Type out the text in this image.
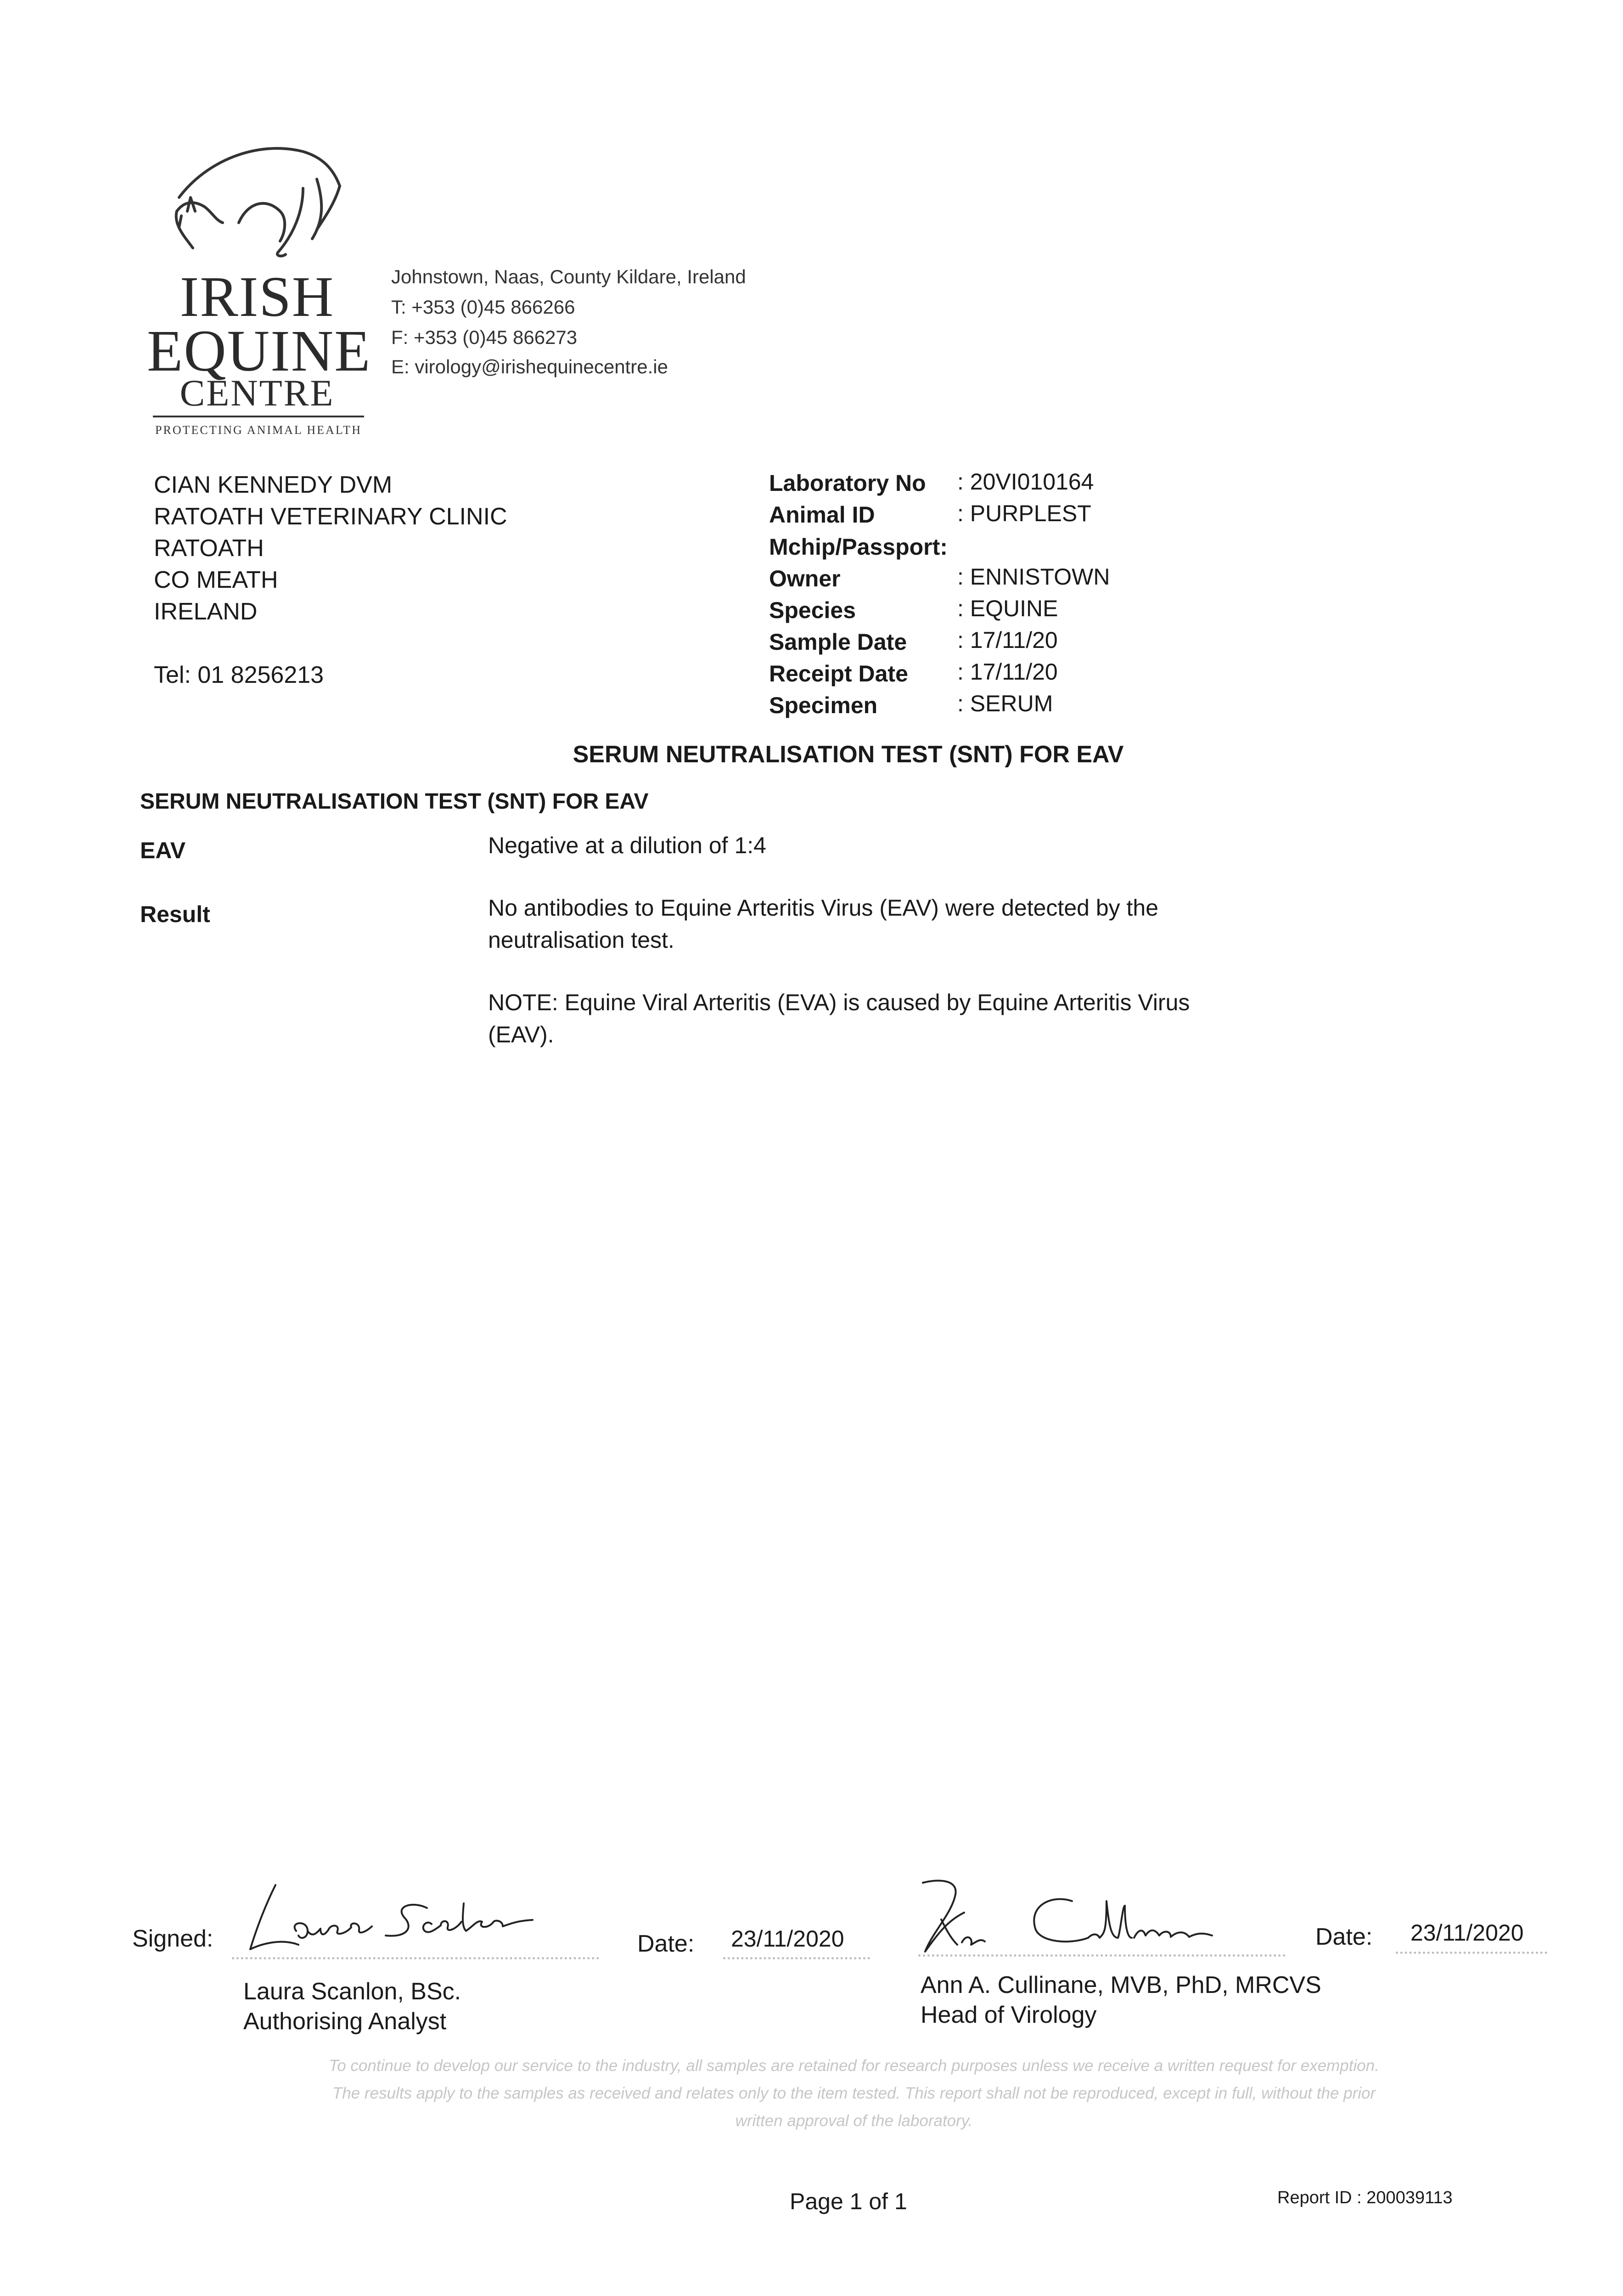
IRISH
EQUINE
CENTRE
PROTECTING ANIMAL HEALTH
Johnstown, Naas, County Kildare, Ireland
T: +353 (0)45 866266
F: +353 (0)45 866273
E: virology@irishequinecentre.ie
CIAN KENNEDY DVM
RATOATH VETERINARY CLINIC
RATOATH
CO MEATH
IRELAND
Tel: 01 8256213
Laboratory No : 20VI010164
Animal ID	: PURPLEST
Mchip/Passport:
Owner	: ENNISTOWN
Species	: EQUINE
Sample Date : 17/11/20
Receipt Date : 17/11/20
Specimen	: SERUM
SERUM NEUTRALISATION TEST (SNT) FOR EAV
SERUM NEUTRALISATION TEST (SNT) FOR EAV
EAV	Negative at a dilution of 1:4
Result	No antibodies to Equine Arteritis Virus (EAV) were detected by the neutralisation test.
NOTE: Equine Viral Arteritis (EVA) is caused by Equine Arteritis Virus (EAV).
Signed:	Date: 23/11/2020	Date: 23/11/2020
Laura Scanlon, BSc.
Authorising Analyst
Ann A. Cullinane, MVB, PhD, MRCVS
Head of Virology
To continue to develop our service to the industry, all samples are retained for research purposes unless we receive a written request for exemption.
The results apply to the samples as received and relates only to the item tested. This report shall not be reproduced, except in full, without the prior
written approval of the laboratory.
Page 1 of 1	Report ID : 200039113
